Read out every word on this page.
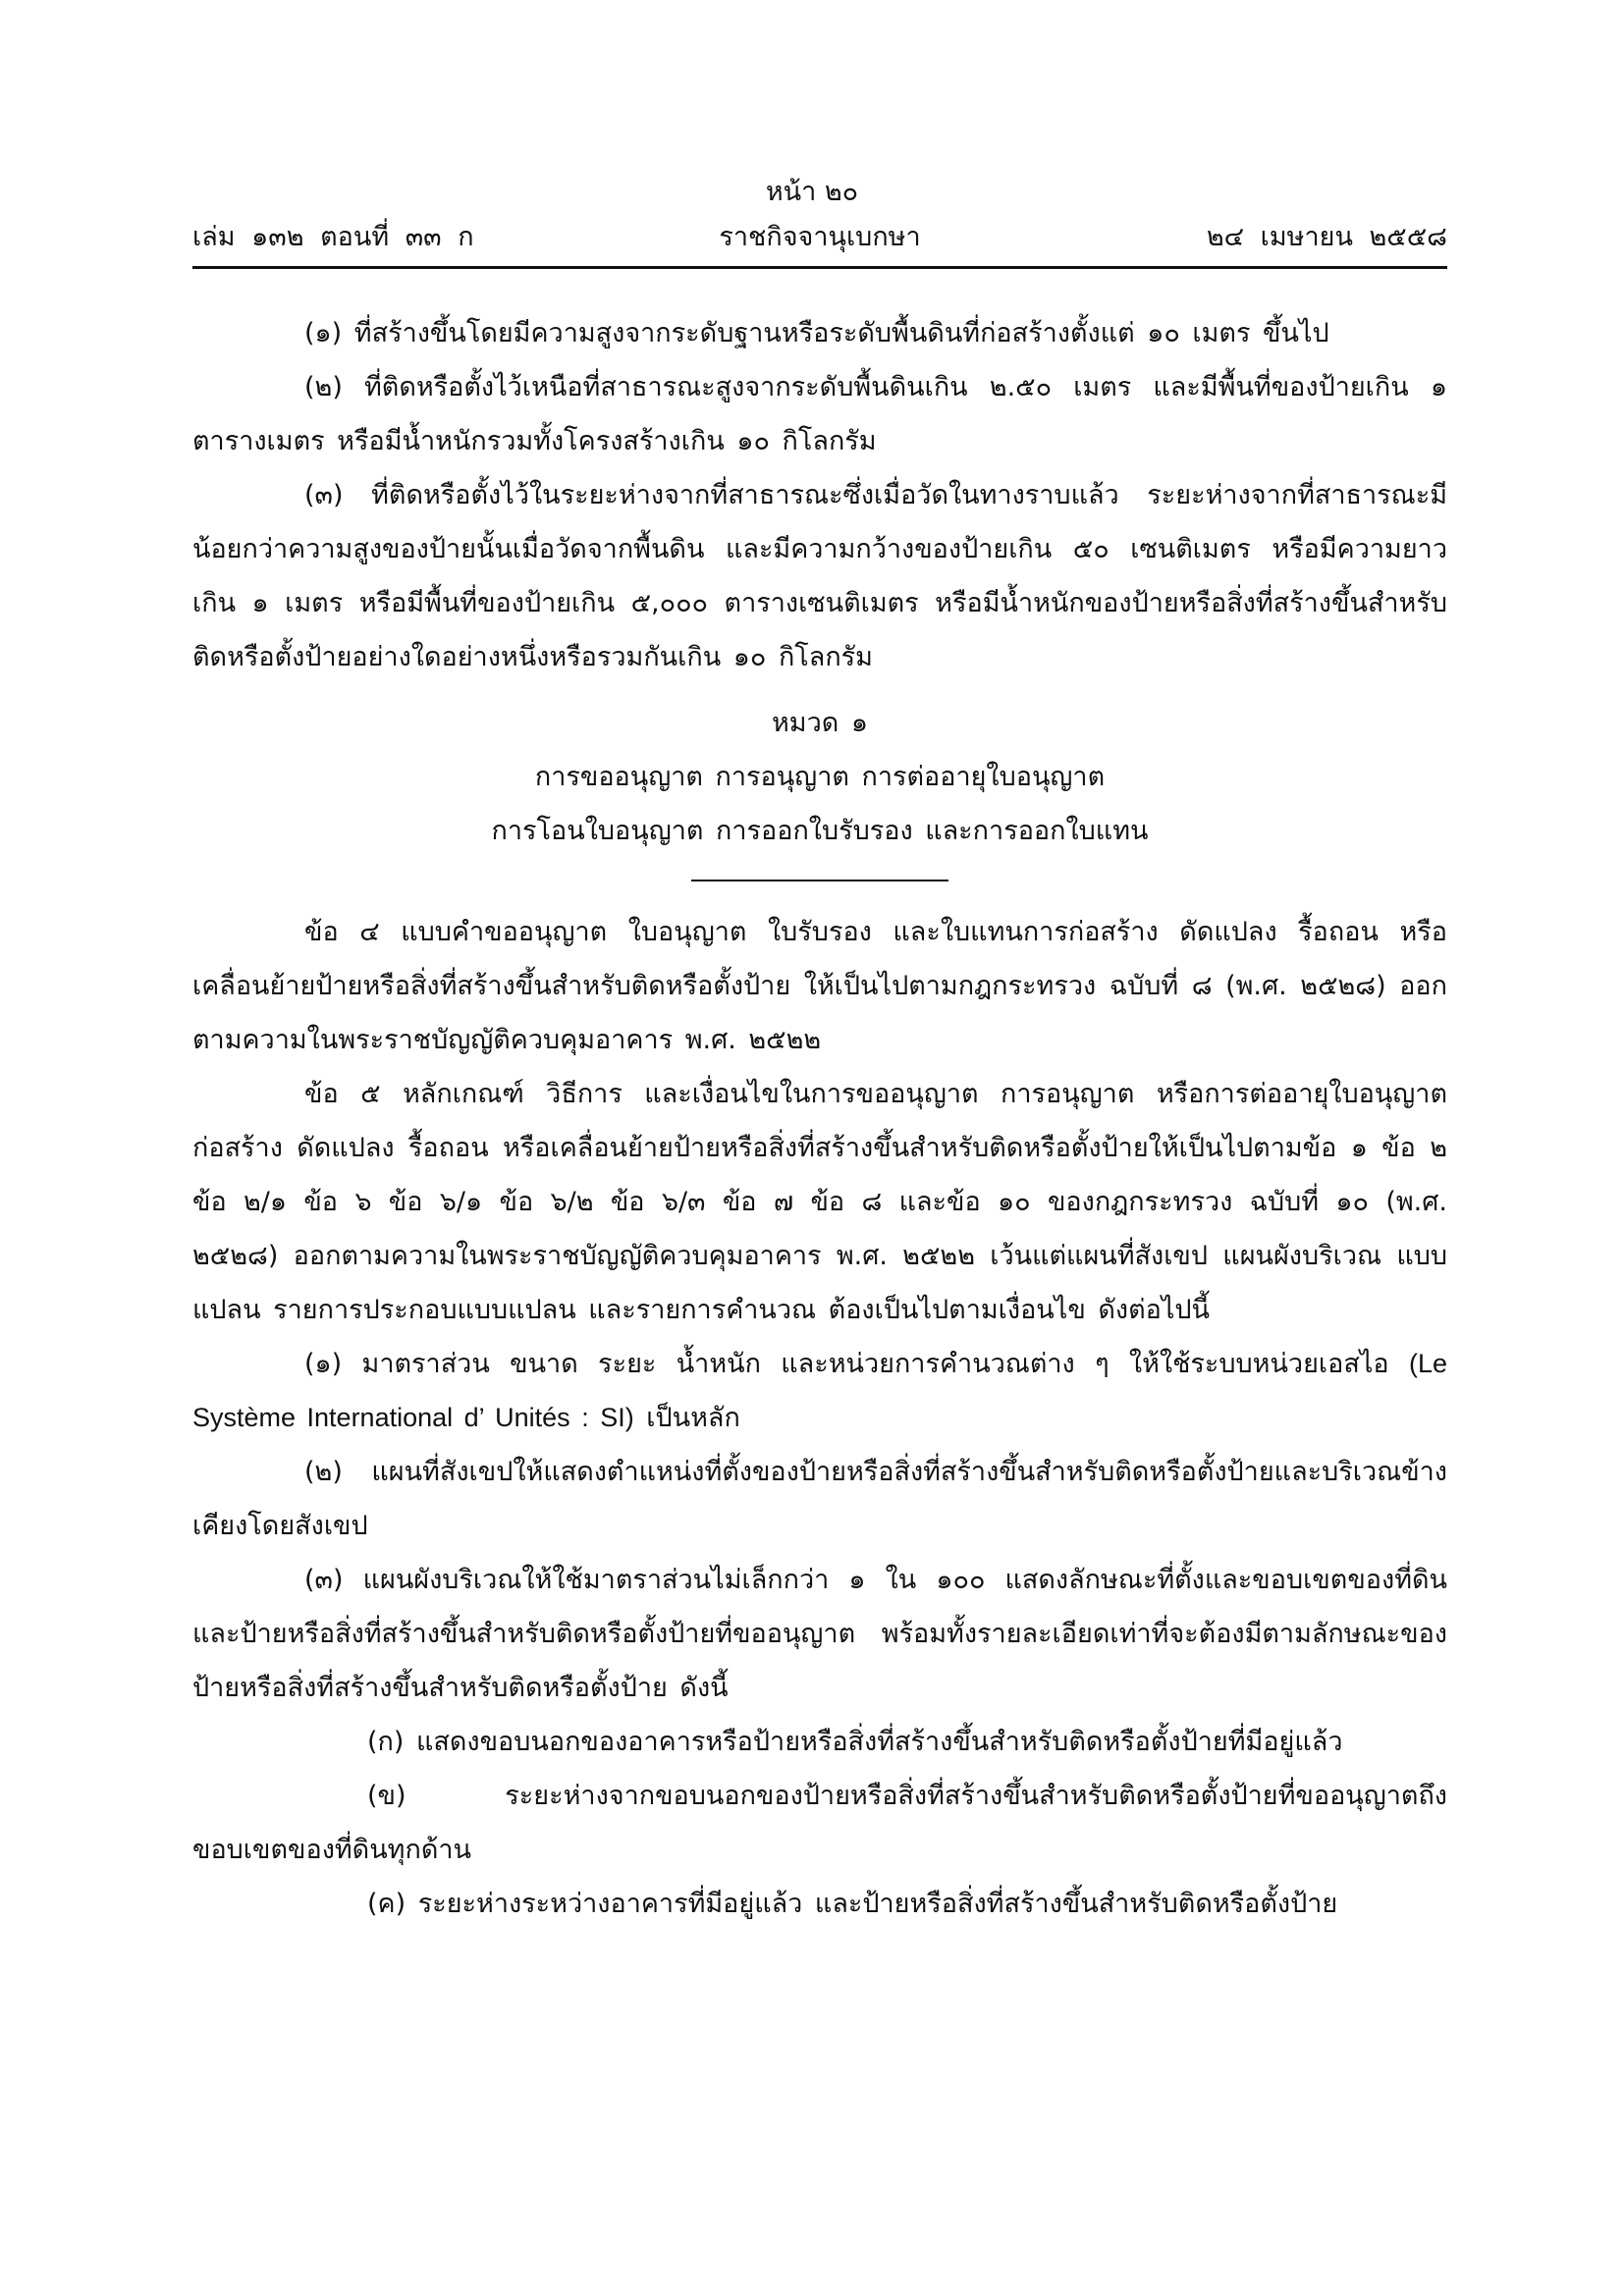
หน้า ๒๐
เล่ม ๑๓๒ ตอนที่ ๓๓ ก	ราชกิจจานุเบกษา	๒๔ เมษายน ๒๕๕๘

(๑) ที่สร้างขึ้นโดยมีความสูงจากระดับฐานหรือระดับพื้นดินที่ก่อสร้างตั้งแต่ ๑๐ เมตร ขึ้นไป

(๒) ที่ติดหรือตั้งไว้เหนือที่สาธารณะสูงจากระดับพื้นดินเกิน ๒.๕๐ เมตร และมีพื้นที่ของป้ายเกิน ๑ ตารางเมตร หรือมีน้ำหนักรวมทั้งโครงสร้างเกิน ๑๐ กิโลกรัม

(๓) ที่ติดหรือตั้งไว้ในระยะห่างจากที่สาธารณะซึ่งเมื่อวัดในทางราบแล้ว ระยะห่างจากที่สาธารณะมีน้อยกว่าความสูงของป้ายนั้นเมื่อวัดจากพื้นดิน และมีความกว้างของป้ายเกิน ๕๐ เซนติเมตร หรือมีความยาวเกิน ๑ เมตร หรือมีพื้นที่ของป้ายเกิน ๕,๐๐๐ ตารางเซนติเมตร หรือมีน้ำหนักของป้ายหรือสิ่งที่สร้างขึ้นสำหรับติดหรือตั้งป้ายอย่างใดอย่างหนึ่งหรือรวมกันเกิน ๑๐ กิโลกรัม

หมวด ๑

การขออนุญาต การอนุญาต การต่ออายุใบอนุญาต

การโอนใบอนุญาต การออกใบรับรอง และการออกใบแทน

ข้อ ๔ แบบคำขออนุญาต ใบอนุญาต ใบรับรอง และใบแทนการก่อสร้าง ดัดแปลง รื้อถอน หรือเคลื่อนย้ายป้ายหรือสิ่งที่สร้างขึ้นสำหรับติดหรือตั้งป้าย ให้เป็นไปตามกฎกระทรวง ฉบับที่ ๘ (พ.ศ. ๒๕๒๘) ออกตามความในพระราชบัญญัติควบคุมอาคาร พ.ศ. ๒๕๒๒

ข้อ ๕ หลักเกณฑ์ วิธีการ และเงื่อนไขในการขออนุญาต การอนุญาต หรือการต่ออายุใบอนุญาตก่อสร้าง ดัดแปลง รื้อถอน หรือเคลื่อนย้ายป้ายหรือสิ่งที่สร้างขึ้นสำหรับติดหรือตั้งป้ายให้เป็นไปตามข้อ ๑ ข้อ ๒ ข้อ ๒/๑ ข้อ ๖ ข้อ ๖/๑ ข้อ ๖/๒ ข้อ ๖/๓ ข้อ ๗ ข้อ ๘ และข้อ ๑๐ ของกฎกระทรวง ฉบับที่ ๑๐ (พ.ศ. ๒๕๒๘) ออกตามความในพระราชบัญญัติควบคุมอาคาร พ.ศ. ๒๕๒๒ เว้นแต่แผนที่สังเขป แผนผังบริเวณ แบบแปลน รายการประกอบแบบแปลน และรายการคำนวณ ต้องเป็นไปตามเงื่อนไข ดังต่อไปนี้

(๑) มาตราส่วน ขนาด ระยะ น้ำหนัก และหน่วยการคำนวณต่าง ๆ ให้ใช้ระบบหน่วยเอสไอ (Le Système International d’ Unités : SI) เป็นหลัก

(๒) แผนที่สังเขปให้แสดงตำแหน่งที่ตั้งของป้ายหรือสิ่งที่สร้างขึ้นสำหรับติดหรือตั้งป้ายและบริเวณข้างเคียงโดยสังเขป

(๓) แผนผังบริเวณให้ใช้มาตราส่วนไม่เล็กกว่า ๑ ใน ๑๐๐ แสดงลักษณะที่ตั้งและขอบเขตของที่ดิน และป้ายหรือสิ่งที่สร้างขึ้นสำหรับติดหรือตั้งป้ายที่ขออนุญาต พร้อมทั้งรายละเอียดเท่าที่จะต้องมีตามลักษณะของป้ายหรือสิ่งที่สร้างขึ้นสำหรับติดหรือตั้งป้าย ดังนี้

(ก) แสดงขอบนอกของอาคารหรือป้ายหรือสิ่งที่สร้างขึ้นสำหรับติดหรือตั้งป้ายที่มีอยู่แล้ว

(ข) ระยะห่างจากขอบนอกของป้ายหรือสิ่งที่สร้างขึ้นสำหรับติดหรือตั้งป้ายที่ขออนุญาตถึงขอบเขตของที่ดินทุกด้าน

(ค) ระยะห่างระหว่างอาคารที่มีอยู่แล้ว และป้ายหรือสิ่งที่สร้างขึ้นสำหรับติดหรือตั้งป้าย
